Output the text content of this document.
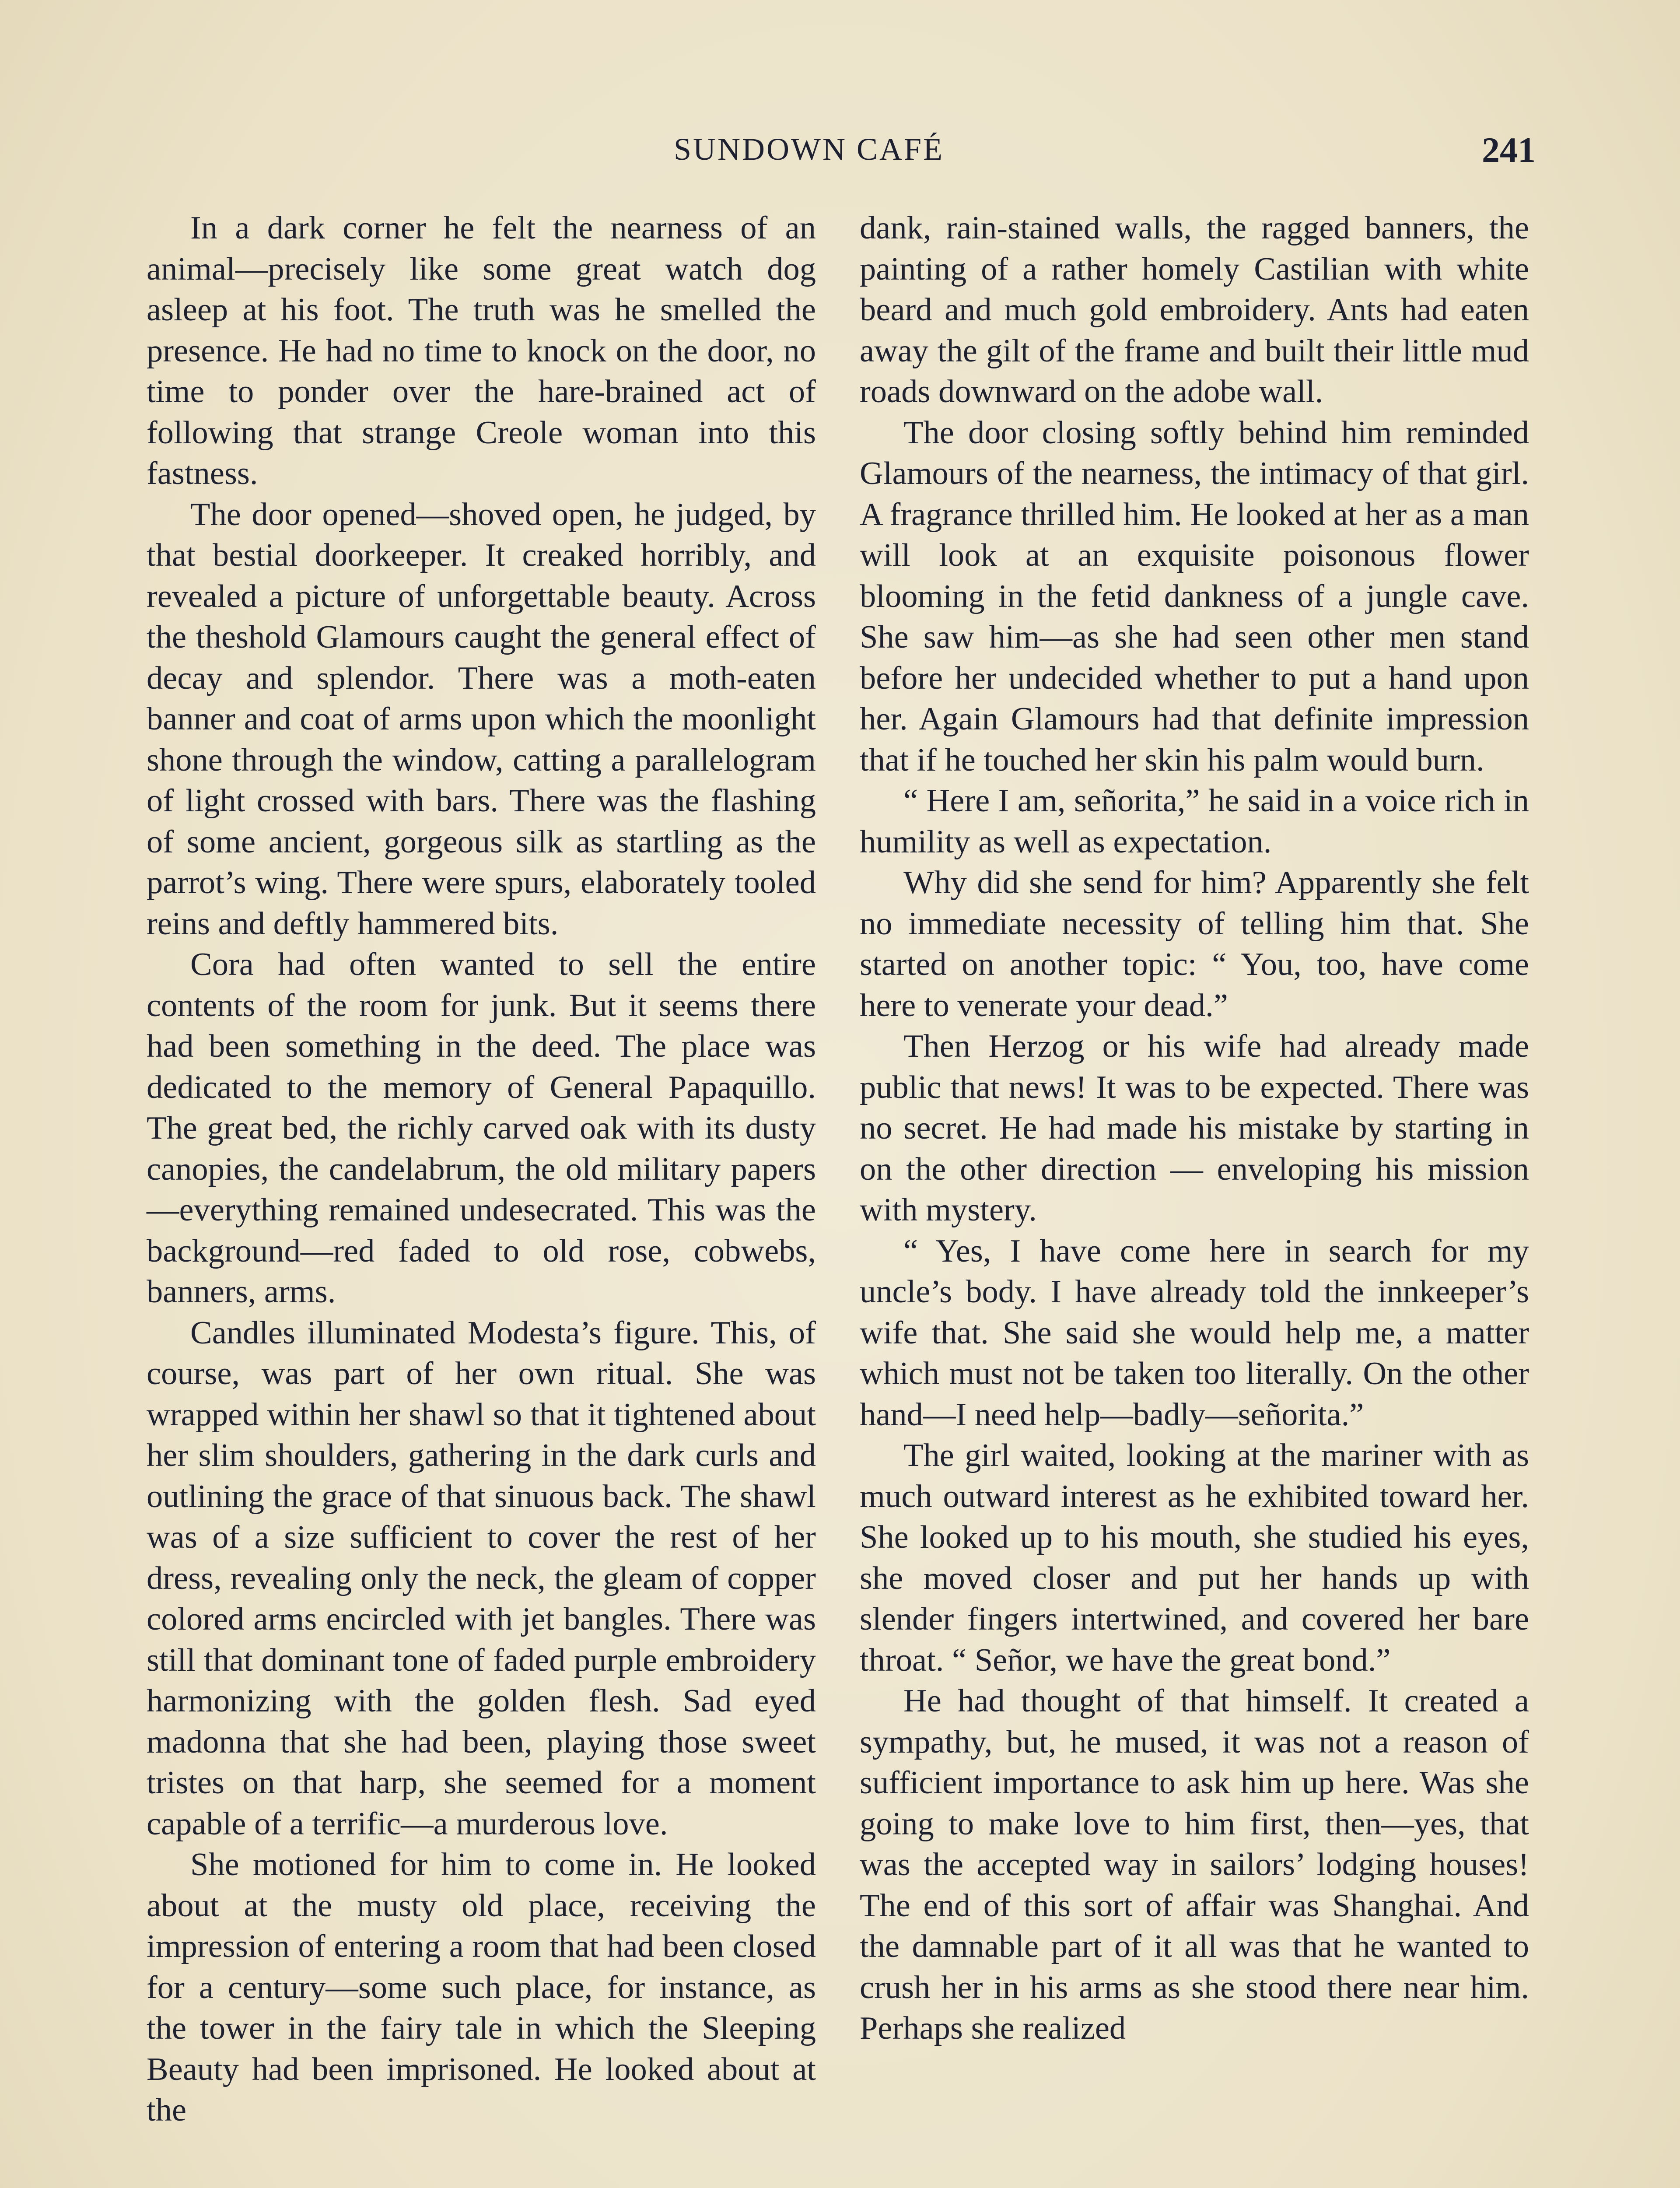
SUNDOWN CAFÉ	241

In a dark corner he felt the nearness of an animal—precisely like some great watch dog asleep at his foot. The truth was he smelled the presence. He had no time to knock on the door, no time to ponder over the hare-brained act of following that strange Creole woman into this fastness.

The door opened—shoved open, he judged, by that bestial doorkeeper. It creaked horribly, and revealed a picture of unforgettable beauty. Across the theshold Glamours caught the general effect of decay and splendor. There was a moth-eaten banner and coat of arms upon which the moonlight shone through the window, catting a parallelogram of light crossed with bars. There was the flashing of some ancient, gorgeous silk as startling as the parrot’s wing. There were spurs, elaborately tooled reins and deftly hammered bits.

Cora had often wanted to sell the entire contents of the room for junk. But it seems there had been something in the deed. The place was dedicated to the memory of General Papaquillo. The great bed, the richly carved oak with its dusty canopies, the candelabrum, the old military papers—everything remained undesecrated. This was the background—red faded to old rose, cobwebs, banners, arms.

Candles illuminated Modesta’s figure. This, of course, was part of her own ritual. She was wrapped within her shawl so that it tightened about her slim shoulders, gathering in the dark curls and outlining the grace of that sinuous back. The shawl was of a size sufficient to cover the rest of her dress, revealing only the neck, the gleam of copper colored arms encircled with jet bangles. There was still that dominant tone of faded purple embroidery harmonizing with the golden flesh. Sad eyed madonna that she had been, playing those sweet tristes on that harp, she seemed for a moment capable of a terrific—a murderous love.

She motioned for him to come in. He looked about at the musty old place, receiving the impression of entering a room that had been closed for a century—some such place, for instance, as the tower in the fairy tale in which the Sleeping Beauty had been imprisoned. He looked about at the

dank, rain-stained walls, the ragged banners, the painting of a rather homely Castilian with white beard and much gold embroidery. Ants had eaten away the gilt of the frame and built their little mud roads downward on the adobe wall.

The door closing softly behind him reminded Glamours of the nearness, the intimacy of that girl. A fragrance thrilled him. He looked at her as a man will look at an exquisite poisonous flower blooming in the fetid dankness of a jungle cave. She saw him—as she had seen other men stand before her undecided whether to put a hand upon her. Again Glamours had that definite impression that if he touched her skin his palm would burn.

“ Here I am, señorita,” he said in a voice rich in humility as well as expectation.

Why did she send for him? Apparently she felt no immediate necessity of telling him that. She started on another topic: “ You, too, have come here to venerate your dead.”

Then Herzog or his wife had already made public that news! It was to be expected. There was no secret. He had made his mistake by starting in on the other direction — enveloping his mission with mystery.

“ Yes, I have come here in search for my uncle’s body. I have already told the innkeeper’s wife that. She said she would help me, a matter which must not be taken too literally. On the other hand—I need help—badly—señorita.”

The girl waited, looking at the mariner with as much outward interest as he exhibited toward her. She looked up to his mouth, she studied his eyes, she moved closer and put her hands up with slender fingers intertwined, and covered her bare throat. “ Señor, we have the great bond.”

He had thought of that himself. It created a sympathy, but, he mused, it was not a reason of sufficient importance to ask him up here. Was she going to make love to him first, then—yes, that was the accepted way in sailors’ lodging houses! The end of this sort of affair was Shanghai. And the damnable part of it all was that he wanted to crush her in his arms as she stood there near him. Perhaps she realized
